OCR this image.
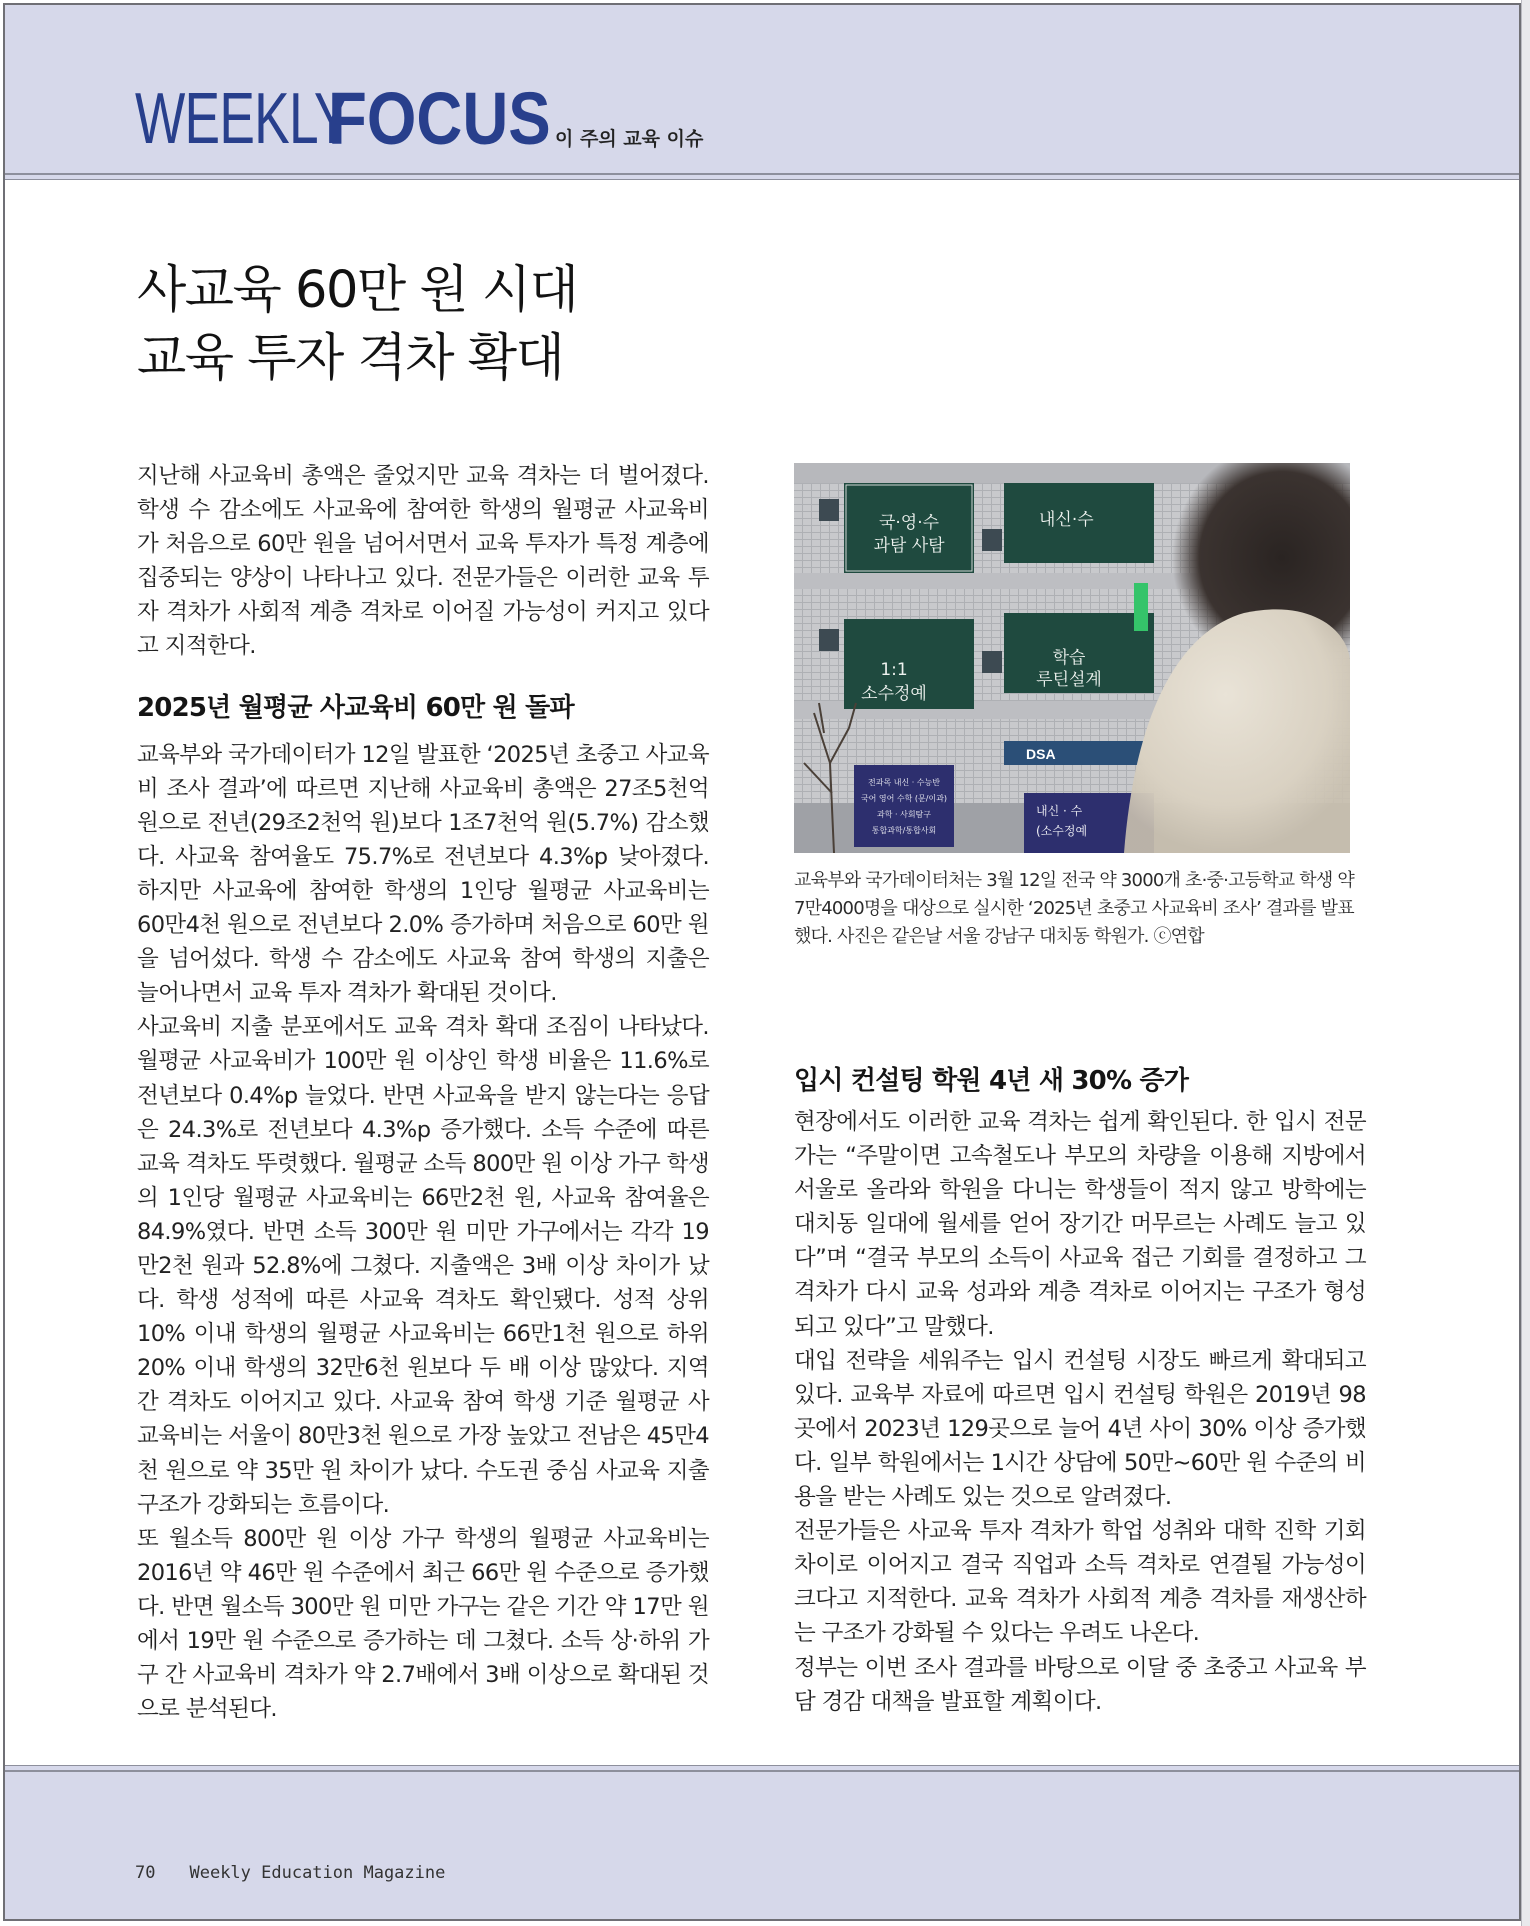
WEEKLY
FOCUS 이 주의 교육 이슈
사교육 60만 원 시대
교육 투자 격차 확대

지난해 사교육비 총액은 줄었지만 교육 격차는 더 벌어졌다. 학생 수 감소에도 사교육에 참여한 학생의 월평균 사교육비가 처음으로 60만 원을 넘어서면서 교육 투자가 특정 계층에 집중되는 양상이 나타나고 있다. 전문가들은 이러한 교육 투자 격차가 사회적 계층 격차로 이어질 가능성이 커지고 있다고 지적한다.

2025년 월평균 사교육비 60만 원 돌파

교육부와 국가데이터가 12일 발표한 ‘2025년 초중고 사교육비 조사 결과’에 따르면 지난해 사교육비 총액은 27조5천억 원으로 전년(29조2천억 원)보다 1조7천억 원(5.7%) 감소했다. 사교육 참여율도 75.7%로 전년보다 4.3%p 낮아졌다. 하지만 사교육에 참여한 학생의 1인당 월평균 사교육비는 60만4천 원으로 전년보다 2.0% 증가하며 처음으로 60만 원을 넘어섰다. 학생 수 감소에도 사교육 참여 학생의 지출은 늘어나면서 교육 투자 격차가 확대된 것이다.

사교육비 지출 분포에서도 교육 격차 확대 조짐이 나타났다. 월평균 사교육비가 100만 원 이상인 학생 비율은 11.6%로 전년보다 0.4%p 늘었다. 반면 사교육을 받지 않는다는 응답은 24.3%로 전년보다 4.3%p 증가했다. 소득 수준에 따른 교육 격차도 뚜렷했다. 월평균 소득 800만 원 이상 가구 학생의 1인당 월평균 사교육비는 66만2천 원, 사교육 참여율은 84.9%였다. 반면 소득 300만 원 미만 가구에서는 각각 19만2천 원과 52.8%에 그쳤다. 지출액은 3배 이상 차이가 났다. 학생 성적에 따른 사교육 격차도 확인됐다. 성적 상위 10% 이내 학생의 월평균 사교육비는 66만1천 원으로 하위 20% 이내 학생의 32만6천 원보다 두 배 이상 많았다. 지역 간 격차도 이어지고 있다. 사교육 참여 학생 기준 월평균 사교육비는 서울이 80만3천 원으로 가장 높았고 전남은 45만4천 원으로 약 35만 원 차이가 났다. 수도권 중심 사교육 지출 구조가 강화되는 흐름이다.

또 월소득 800만 원 이상 가구 학생의 월평균 사교육비는 2016년 약 46만 원 수준에서 최근 66만 원 수준으로 증가했다. 반면 월소득 300만 원 미만 가구는 같은 기간 약 17만 원에서 19만 원 수준으로 증가하는 데 그쳤다. 소득 상·하위 가구 간 사교육비 격차가 약 2.7배에서 3배 이상으로 확대된 것으로 분석된다.

국·영·수
과탐 사탐
내신·수
1:1
소수정예
학습
루틴설계
DSA
전과목 내신 · 수능반
국어 영어 수학 (문/이과)
과학 · 사회탐구
통합과학/통합사회
내신 · 수
(소수정예

교육부와 국가데이터처는 3월 12일 전국 약 3000개 초·중·고등학교 학생 약 7만4000명을 대상으로 실시한 ‘2025년 초중고 사교육비 조사’ 결과를 발표했다. 사진은 같은날 서울 강남구 대치동 학원가. ⓒ연합

입시 컨설팅 학원 4년 새 30% 증가

현장에서도 이러한 교육 격차는 쉽게 확인된다. 한 입시 전문가는 “주말이면 고속철도나 부모의 차량을 이용해 지방에서 서울로 올라와 학원을 다니는 학생들이 적지 않고 방학에는 대치동 일대에 월세를 얻어 장기간 머무르는 사례도 늘고 있다”며 “결국 부모의 소득이 사교육 접근 기회를 결정하고 그 격차가 다시 교육 성과와 계층 격차로 이어지는 구조가 형성되고 있다”고 말했다.

대입 전략을 세워주는 입시 컨설팅 시장도 빠르게 확대되고 있다. 교육부 자료에 따르면 입시 컨설팅 학원은 2019년 98곳에서 2023년 129곳으로 늘어 4년 사이 30% 이상 증가했다. 일부 학원에서는 1시간 상담에 50만~60만 원 수준의 비용을 받는 사례도 있는 것으로 알려졌다.

전문가들은 사교육 투자 격차가 학업 성취와 대학 진학 기회 차이로 이어지고 결국 직업과 소득 격차로 연결될 가능성이 크다고 지적한다. 교육 격차가 사회적 계층 격차를 재생산하는 구조가 강화될 수 있다는 우려도 나온다.

정부는 이번 조사 결과를 바탕으로 이달 중 초중고 사교육 부담 경감 대책을 발표할 계획이다.

70 Weekly Education Magazine
